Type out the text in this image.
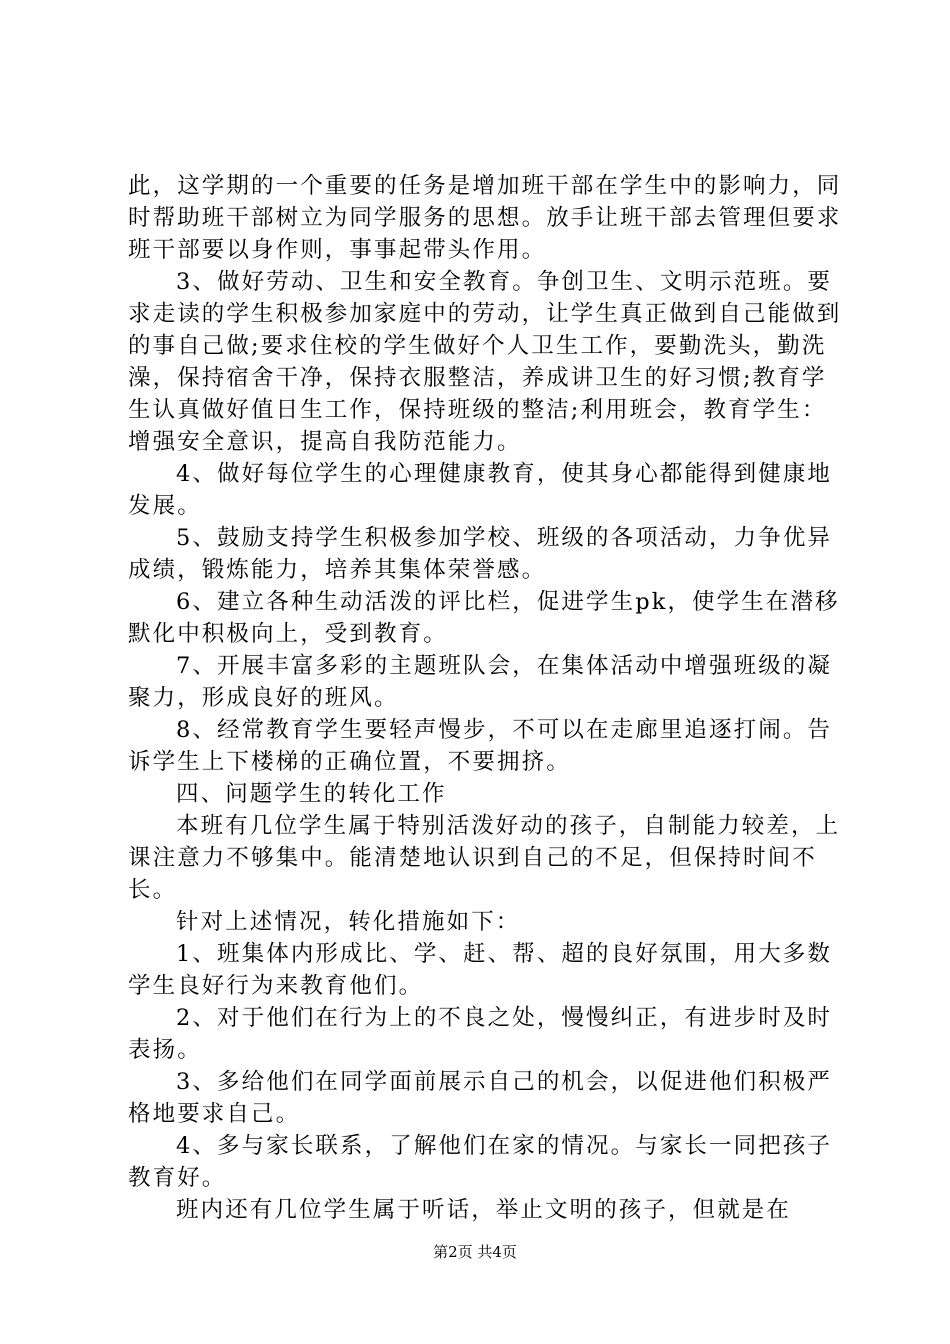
此，这学期的一个重要的任务是增加班干部在学生中的影响力，同时帮助班干部树立为同学服务的思想。放手让班干部去管理但要求班干部要以身作则，事事起带头作用。

3、做好劳动、卫生和安全教育。争创卫生、文明示范班。要求走读的学生积极参加家庭中的劳动，让学生真正做到自己能做到的事自己做;要求住校的学生做好个人卫生工作，要勤洗头，勤洗澡，保持宿舍干净，保持衣服整洁，养成讲卫生的好习惯;教育学生认真做好值日生工作，保持班级的整洁;利用班会，教育学生：增强安全意识，提高自我防范能力。

4、做好每位学生的心理健康教育，使其身心都能得到健康地发展。

5、鼓励支持学生积极参加学校、班级的各项活动，力争优异成绩，锻炼能力，培养其集体荣誉感。

6、建立各种生动活泼的评比栏，促进学生pk，使学生在潜移默化中积极向上，受到教育。

7、开展丰富多彩的主题班队会，在集体活动中增强班级的凝聚力，形成良好的班风。

8、经常教育学生要轻声慢步，不可以在走廊里追逐打闹。告诉学生上下楼梯的正确位置，不要拥挤。

四、问题学生的转化工作

本班有几位学生属于特别活泼好动的孩子，自制能力较差，上课注意力不够集中。能清楚地认识到自己的不足，但保持时间不长。

针对上述情况，转化措施如下：

1、班集体内形成比、学、赶、帮、超的良好氛围，用大多数学生良好行为来教育他们。

2、对于他们在行为上的不良之处，慢慢纠正，有进步时及时表扬。

3、多给他们在同学面前展示自己的机会，以促进他们积极严格地要求自己。

4、多与家长联系，了解他们在家的情况。与家长一同把孩子教育好。

班内还有几位学生属于听话，举止文明的孩子，但就是在

第2页 共4页
